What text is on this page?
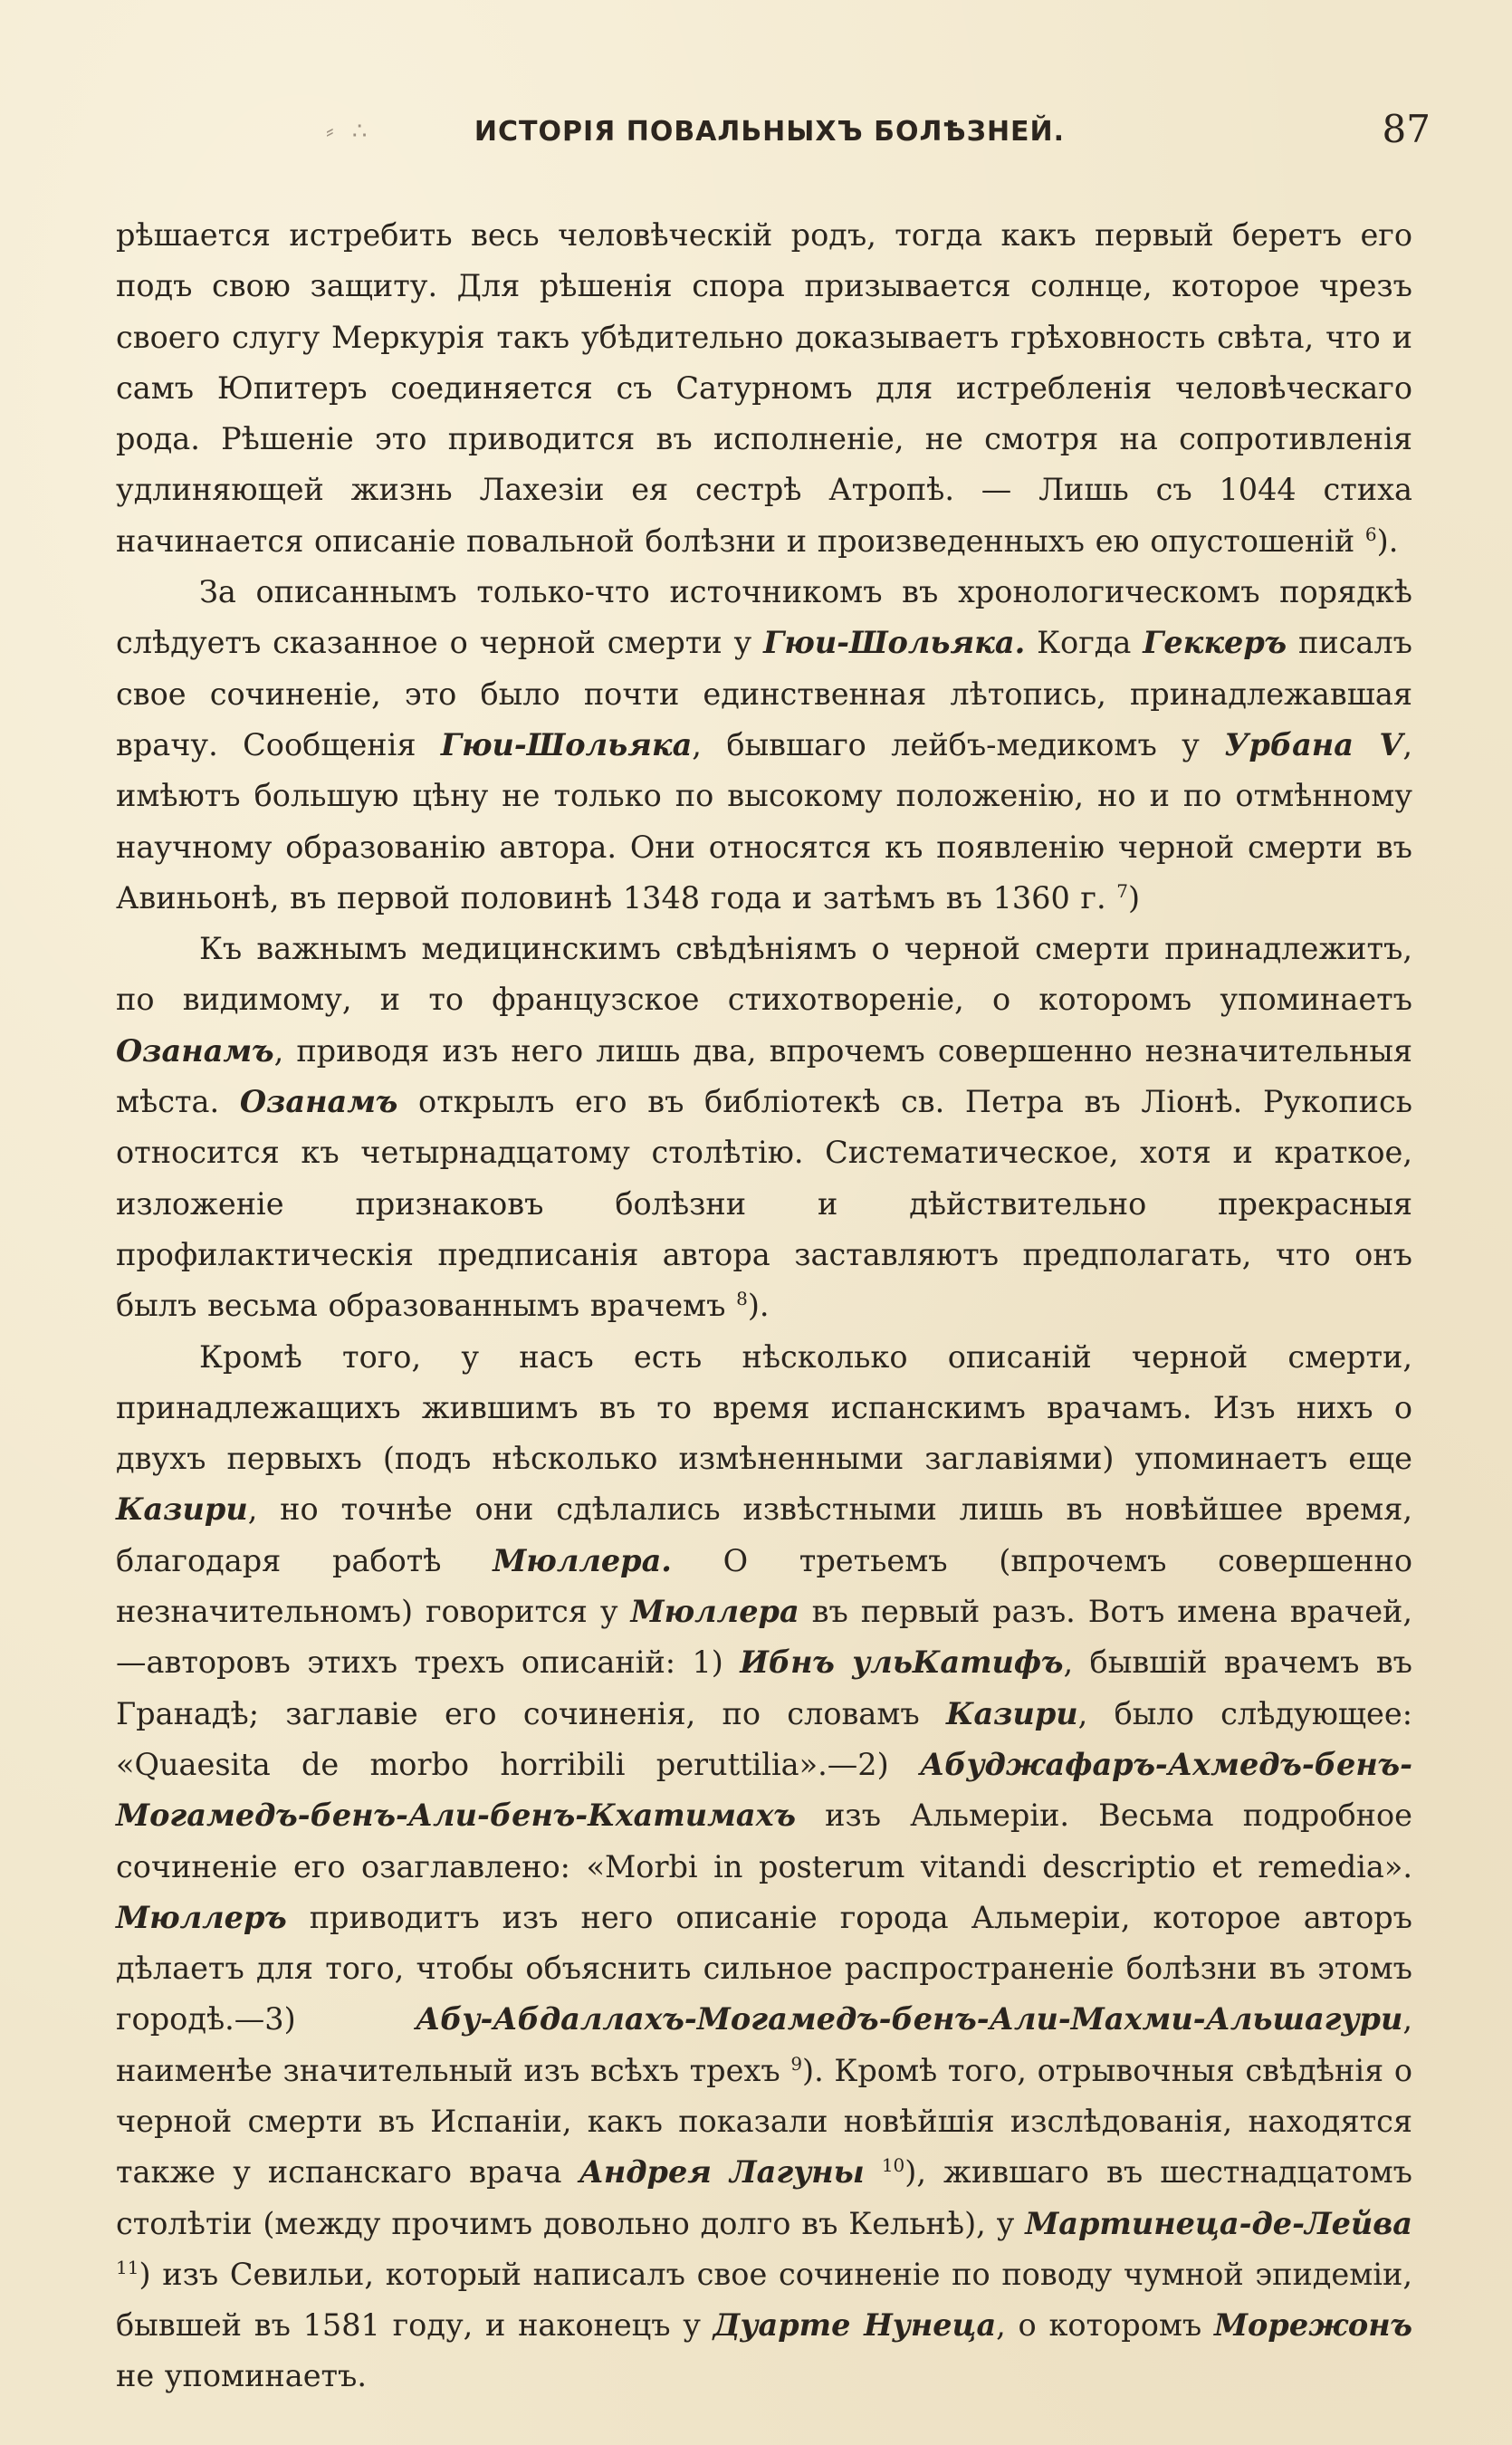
⸗ ∴	ИСТОРІЯ ПОВАЛЬНЫХЪ БОЛѢЗНЕЙ.	87

рѣшается истребить весь человѣческій родъ, тогда какъ первый беретъ его подъ свою защиту. Для рѣшенія спора призывается солнце, которое чрезъ своего слугу Меркурія такъ убѣдительно доказываетъ грѣховность свѣта, что и самъ Юпитеръ соединяется съ Сатурномъ для истребленія человѣческаго рода. Рѣшеніе это приводится въ исполненіе, не смотря на сопротивленія удлиняющей жизнь Лахезіи ея сестрѣ Атропѣ. — Лишь съ 1044 стиха начинается описаніе повальной болѣзни и произведенныхъ ею опустошеній $^6$).

За описаннымъ только-что источникомъ въ хронологическомъ порядкѣ слѣдуетъ сказанное о черной смерти у Гюи-Шольяка. Когда Геккеръ писалъ свое сочиненіе, это было почти единственная лѣтопись, принадлежавшая врачу. Сообщенія Гюи-Шольяка, бывшаго лейбъ-медикомъ у Урбана V, имѣютъ большую цѣну не только по высокому положенію, но и по отмѣнному научному образованію автора. Они относятся къ появленію черной смерти въ Авиньонѣ, въ первой половинѣ 1348 года и затѣмъ въ 1360 г. $^7$)

Къ важнымъ медицинскимъ свѣдѣніямъ о черной смерти принадлежитъ, по видимому, и то французское стихотвореніе, о которомъ упоминаетъ Озанамъ, приводя изъ него лишь два, впрочемъ совершенно незначительныя мѣста. Озанамъ открылъ его въ библіотекѣ св. Петра въ Ліонѣ. Рукопись относится къ четырнадцатому столѣтію. Систематическое, хотя и краткое, изложеніе признаковъ болѣзни и дѣйствительно прекрасныя профилактическія предписанія автора заставляютъ предполагать, что онъ былъ весьма образованнымъ врачемъ $^8$).

Кромѣ того, у насъ есть нѣсколько описаній черной смерти, принадлежащихъ жившимъ въ то время испанскимъ врачамъ. Изъ нихъ о двухъ первыхъ (подъ нѣсколько измѣненными заглавіями) упоминаетъ еще Казири, но точнѣе они сдѣлались извѣстными лишь въ новѣйшее время, благодаря работѣ Мюллера. О третьемъ (впрочемъ совершенно незначительномъ) говорится у Мюллера въ первый разъ. Вотъ имена врачей,—авторовъ этихъ трехъ описаній: 1) Ибнъ ульКатифъ, бывшій врачемъ въ Гранадѣ; заглавіе его сочиненія, по словамъ Казири, было слѣдующее: «Quaesita de morbo horribili peruttilia».—2) Абуджафаръ-Ахмедъ-бенъ-Могамедъ-бенъ-Али-бенъ-Кхатимахъ изъ Альмеріи. Весьма подробное сочиненіе его озаглавлено: «Morbi in posterum vitandi descriptio et remedia». Мюллеръ приводитъ изъ него описаніе города Альмеріи, которое авторъ дѣлаетъ для того, чтобы объяснить сильное распространеніе болѣзни въ этомъ городѣ.—3) Абу-Абдаллахъ-Могамедъ-бенъ-Али-Махми-Альшагури, наименѣе значительный изъ всѣхъ трехъ $^9$). Кромѣ того, отрывочныя свѣдѣнія о черной смерти въ Испаніи, какъ показали новѣйшія изслѣдованія, находятся также у испанскаго врача Андрея Лагуны $^{10}$), жившаго въ шестнадцатомъ столѣтіи (между прочимъ довольно долго въ Кельнѣ), у Мартинеца-де-Лейва $^{11}$) изъ Севильи, который написалъ свое сочиненіе по поводу чумной эпидеміи, бывшей въ 1581 году, и наконецъ у Дуарте Нунеца, о которомъ Морежонъ не упоминаетъ.
